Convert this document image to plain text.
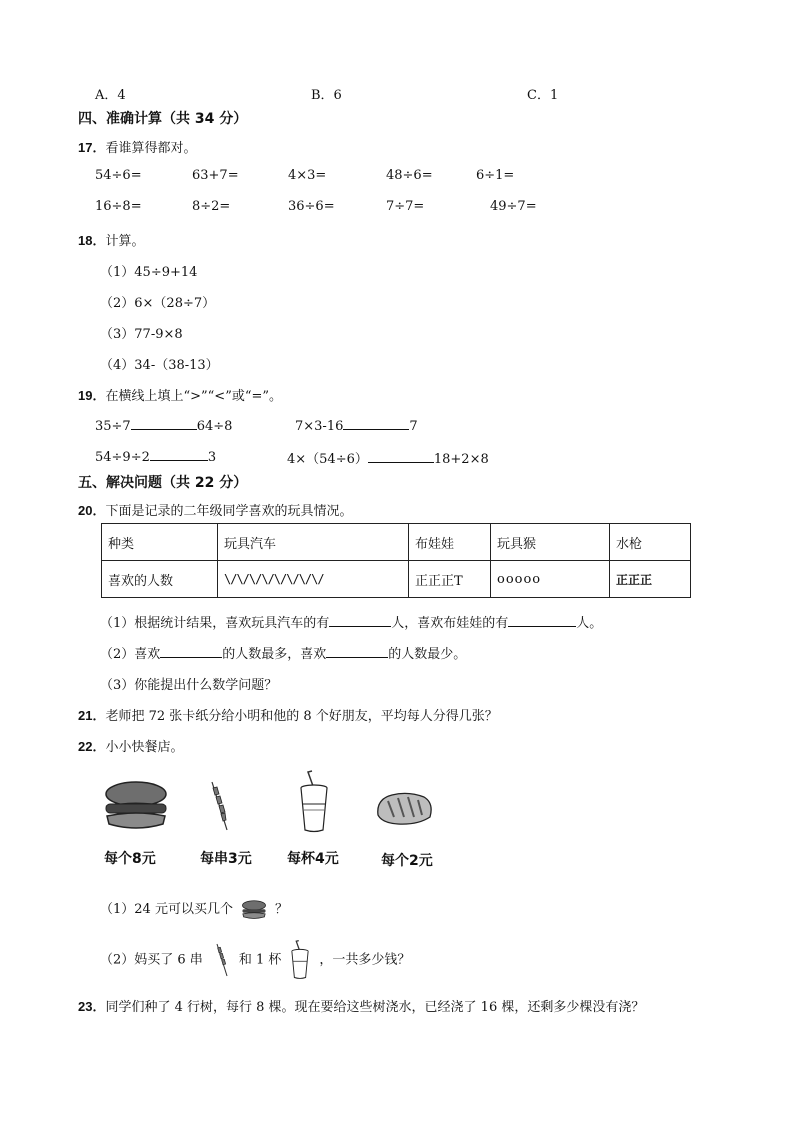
A．4	B．6	C．1
四、准确计算（共 34 分）
17．看谁算得都对。
54÷6=	63+7=	4×3=	48÷6=	6÷1=
16÷8=	8÷2=	36÷6=	7÷7=	49÷7=
18．计算。
（1）45÷9+14
（2）6×（28÷7）
（3）77-9×8
（4）34-（38-13）
19．在横线上填上“>”“<”或“=”。
35÷7	64÷8	7×3-16	7
54÷9÷2	3	4×（54÷6）	18+2×8
五、解决问题（共 22 分）
20．下面是记录的二年级同学喜欢的玩具情况。
种类	玩具汽车	布娃娃	玩具猴	水枪
喜欢的人数	\/\/\/\/\/\/\/\/	正正正T	ooooo	正正正
（1）根据统计结果，喜欢玩具汽车的有	人，喜欢布娃娃的有	人。
（2）喜欢	的人数最多，喜欢	的人数最少。
（3）你能提出什么数学问题？
21．老师把 72 张卡纸分给小明和他的 8 个好朋友，平均每人分得几张？
22．小小快餐店。
每个8元	每串3元	每杯4元	每个2元
（1）24 元可以买几个	？
（2）妈买了 6 串	和 1 杯	，一共多少钱？
23．同学们种了 4 行树，每行 8 棵。现在要给这些树浇水，已经浇了 16 棵，还剩多少棵没有浇？
